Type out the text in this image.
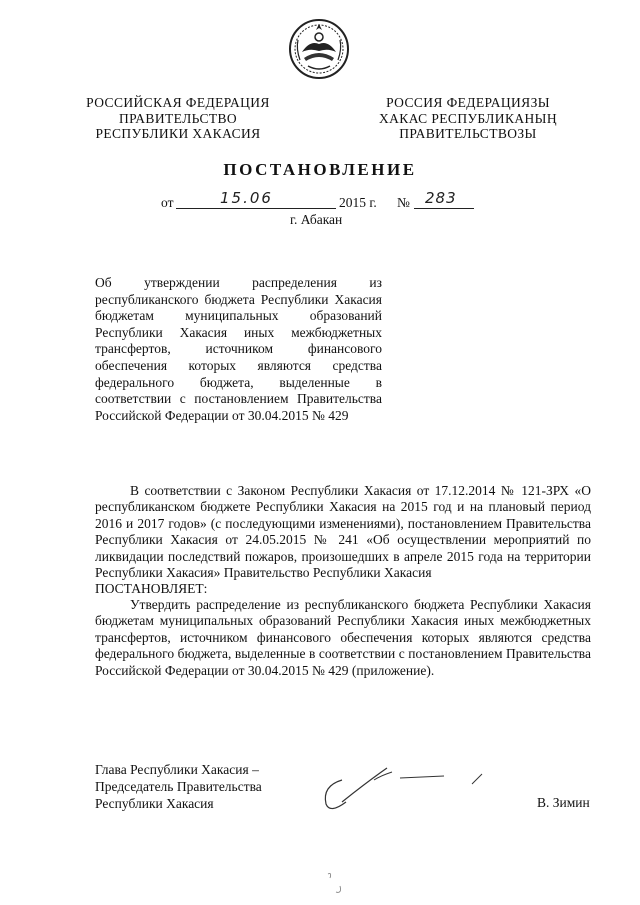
РОССИЙСКАЯ ФЕДЕРАЦИЯ
ПРАВИТЕЛЬСТВО
РЕСПУБЛИКИ ХАКАСИЯ
РОССИЯ ФЕДЕРАЦИЯЗЫ
ХАКАС РЕСПУБЛИКАНЫҢ
ПРАВИТЕЛЬСТВОЗЫ
ПОСТАНОВЛЕНИЕ
от	15.06	2015 г. № 283
г. Абакан
Об утверждении распределения из республиканского бюджета Республики Хакасия бюджетам муниципальных образований Республики Хакасия иных межбюджетных трансфертов, источником финансового обеспечения которых являются средства федерального бюджета, выделенные в соответствии с постановлением Правительства Российской Федерации от 30.04.2015 № 429
В соответствии с Законом Республики Хакасия от 17.12.2014 № 121-ЗРХ «О республиканском бюджете Республики Хакасия на 2015 год и на плановый период 2016 и 2017 годов» (с последующими изменениями), постановлением Правительства Республики Хакасия от 24.05.2015 № 241 «Об осуществлении мероприятий по ликвидации последствий пожаров, произошедших в апреле 2015 года на территории Республики Хакасия» Правительство Республики Хакасия
ПОСТАНОВЛЯЕТ:
Утвердить распределение из республиканского бюджета Республики Хакасия бюджетам муниципальных образований Республики Хакасия иных межбюджетных трансфертов, источником финансового обеспечения которых являются средства федерального бюджета, выделенные в соответствии с постановлением Правительства Российской Федерации от 30.04.2015 № 429 (приложение).
Глава Республики Хакасия –
Председатель Правительства
Республики Хакасия	В. Зимин
